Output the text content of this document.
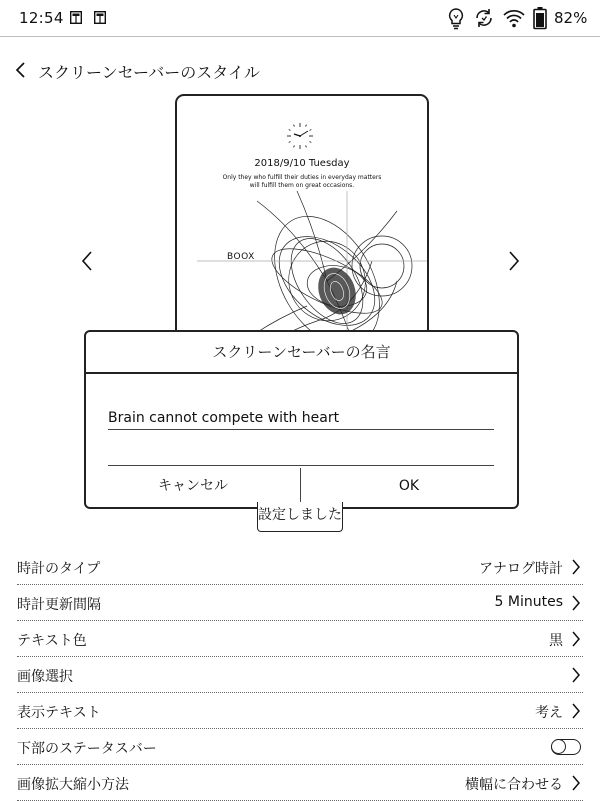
12:54	82%
スクリーンセーバーのスタイル
2018/9/10 Tuesday
Only they who fulfill their duties in everyday matters
will fulfill them on great occasions.
BOOX
スクリーンセーバーの名言
Brain cannot compete with heart
キャンセル	OK
設定しました
時計のタイプ	アナログ時計
時計更新間隔	5 Minutes
テキスト色	黒
画像選択
表示テキスト	考え
下部のステータスバー
画像拡大縮小方法	横幅に合わせる
